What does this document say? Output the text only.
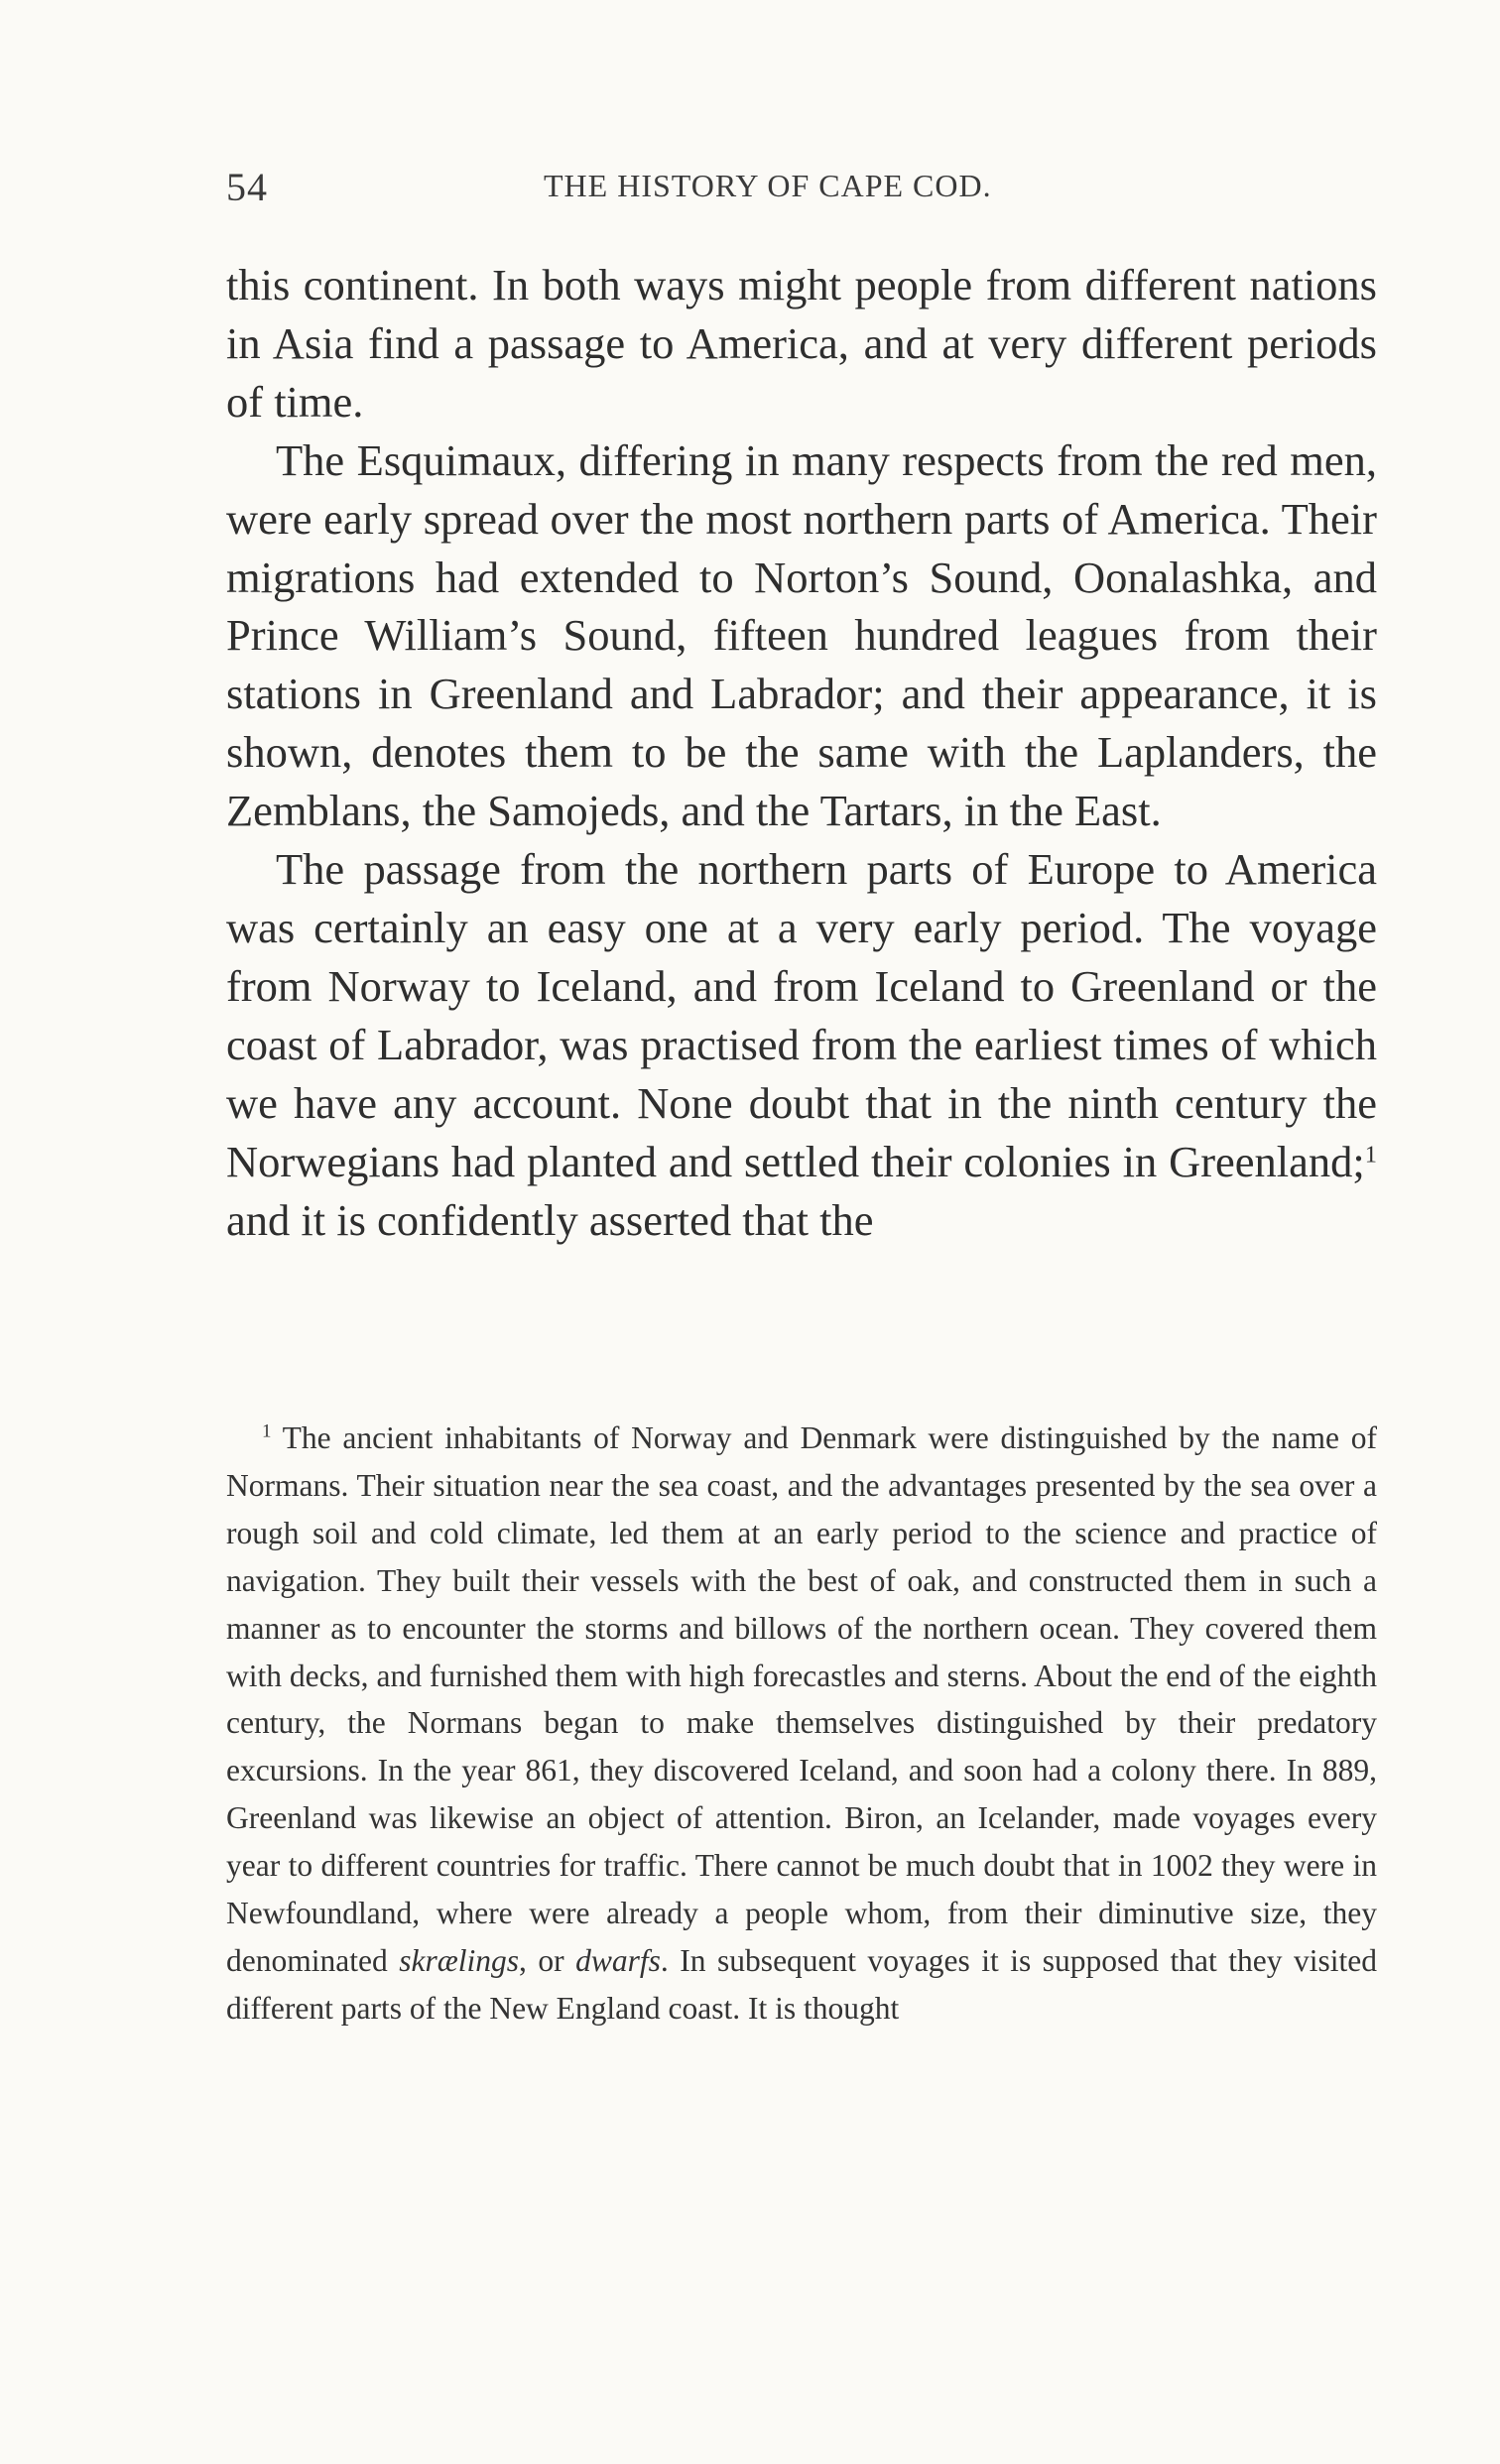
54	THE HISTORY OF CAPE COD.

this continent. In both ways might people from different nations in Asia find a passage to America, and at very different periods of time.

The Esquimaux, differing in many respects from the red men, were early spread over the most northern parts of America. Their migrations had extended to Norton’s Sound, Oonalashka, and Prince William’s Sound, fifteen hundred leagues from their stations in Greenland and Labrador; and their appearance, it is shown, denotes them to be the same with the Laplanders, the Zemblans, the Samojeds, and the Tartars, in the East.

The passage from the northern parts of Europe to America was certainly an easy one at a very early period. The voyage from Norway to Iceland, and from Iceland to Greenland or the coast of Labrador, was practised from the earliest times of which we have any account. None doubt that in the ninth century the Norwegians had planted and settled their colonies in Greenland;$^1$ and it is confidently asserted that the

$^1$ The ancient inhabitants of Norway and Denmark were distinguished by the name of Normans. Their situation near the sea coast, and the advantages presented by the sea over a rough soil and cold climate, led them at an early period to the science and practice of navigation. They built their vessels with the best of oak, and constructed them in such a manner as to encounter the storms and billows of the northern ocean. They covered them with decks, and furnished them with high forecastles and sterns. About the end of the eighth century, the Normans began to make themselves distinguished by their predatory excursions. In the year 861, they discovered Iceland, and soon had a colony there. In 889, Greenland was likewise an object of attention. Biron, an Icelander, made voyages every year to different countries for traffic. There cannot be much doubt that in 1002 they were in Newfoundland, where were already a people whom, from their diminutive size, they denominated skrælings, or dwarfs. In subsequent voyages it is supposed that they visited different parts of the New England coast. It is thought
